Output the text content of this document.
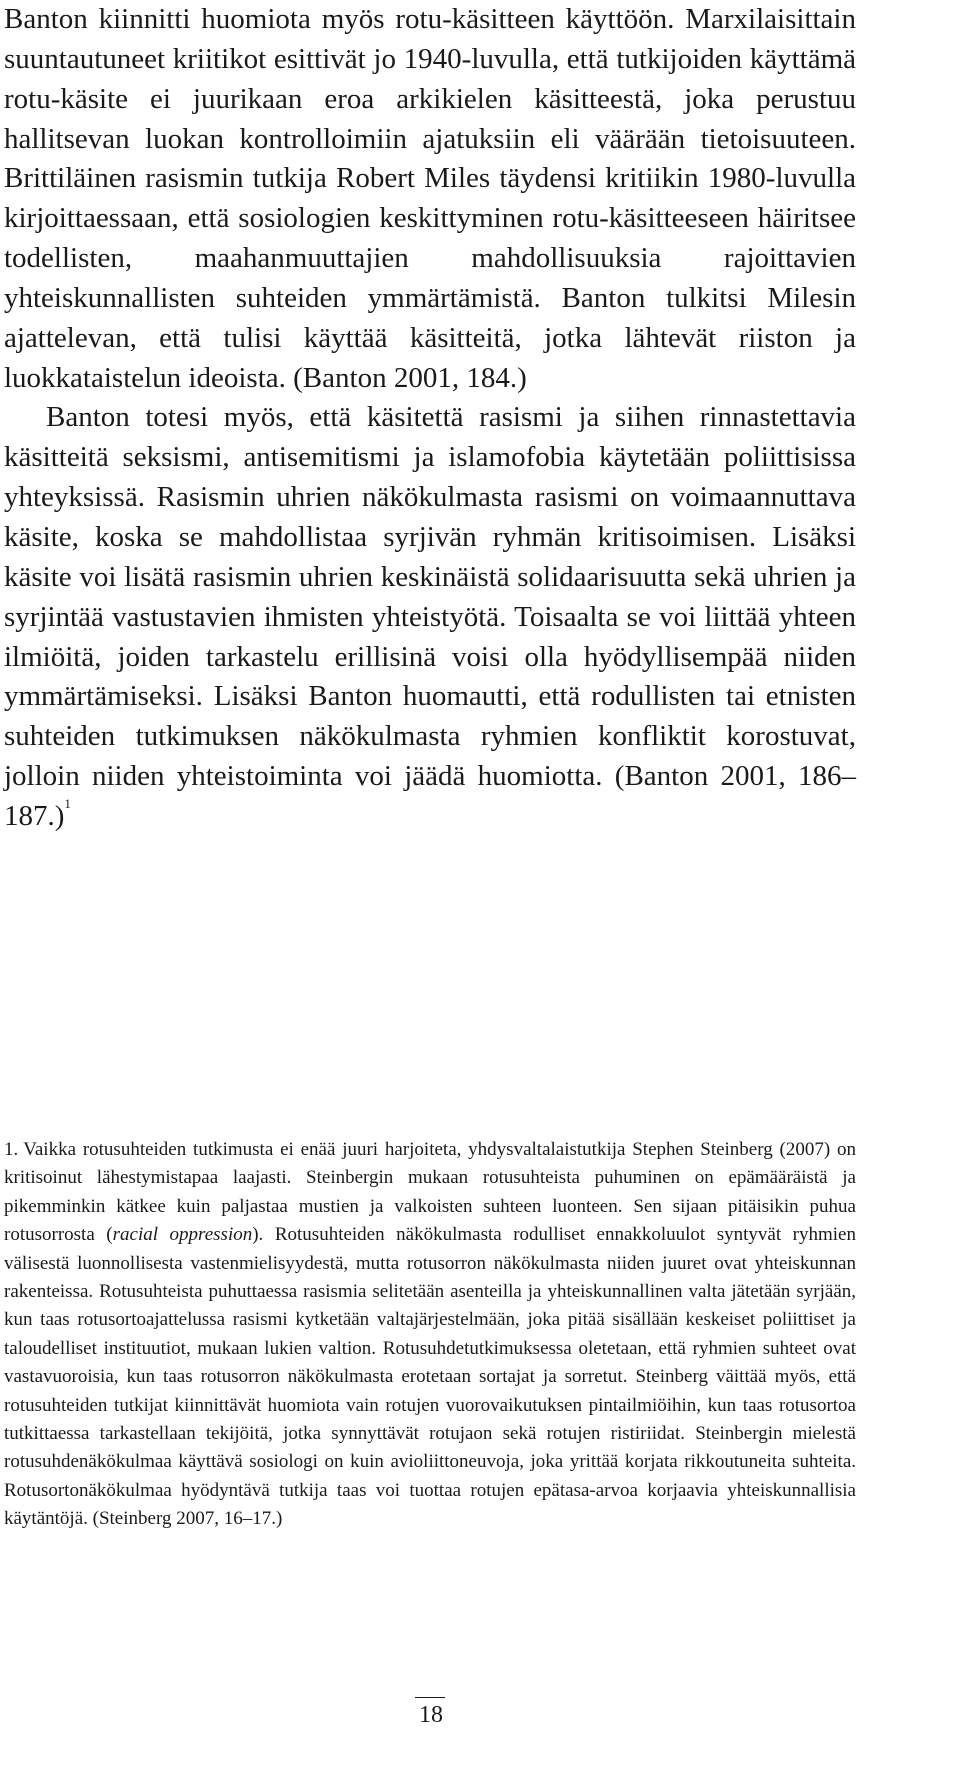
Banton kiinnitti huomiota myös rotu-käsitteen käyttöön. Marxilaisittain suuntautuneet kriitikot esittivät jo 1940-luvulla, että tutkijoiden käyttämä rotu-käsite ei juurikaan eroa arkikielen käsitteestä, joka perustuu hallitsevan luokan kontrolloimiin ajatuksiin eli väärään tietoisuuteen. Brittiläinen rasismin tutkija Robert Miles täydensi kritiikin 1980-luvulla kirjoittaessaan, että sosiologien keskittyminen rotu-käsitteeseen häiritsee todellisten, maahanmuuttajien mahdollisuuksia rajoittavien yhteiskunnallisten suhteiden ymmärtämistä. Banton tulkitsi Milesin ajattelevan, että tulisi käyttää käsitteitä, jotka lähtevät riiston ja luokkataistelun ideoista. (Banton 2001, 184.)

Banton totesi myös, että käsitettä rasismi ja siihen rinnastettavia käsitteitä seksismi, antisemitismi ja islamofobia käytetään poliittisissa yhteyksissä. Rasismin uhrien näkökulmasta rasismi on voimaannuttava käsite, koska se mahdollistaa syrjivän ryhmän kritisoimisen. Lisäksi käsite voi lisätä rasismin uhrien keskinäistä solidaarisuutta sekä uhrien ja syrjintää vastustavien ihmisten yhteistyötä. Toisaalta se voi liittää yhteen ilmiöitä, joiden tarkastelu erillisinä voisi olla hyödyllisempää niiden ymmärtämiseksi. Lisäksi Banton huomautti, että rodullisten tai etnisten suhteiden tutkimuksen näkökulmasta ryhmien konfliktit korostuvat, jolloin niiden yhteistoiminta voi jäädä huomiotta. (Banton 2001, 186–187.)$^1$

1. Vaikka rotusuhteiden tutkimusta ei enää juuri harjoiteta, yhdysvaltalaistutkija Stephen Steinberg (2007) on kritisoinut lähestymistapaa laajasti. Steinbergin mukaan rotusuhteista puhuminen on epämääräistä ja pikemminkin kätkee kuin paljastaa mustien ja valkoisten suhteen luonteen. Sen sijaan pitäisikin puhua rotusorrosta (racial oppression). Rotusuhteiden näkökulmasta rodulliset ennakkoluulot syntyvät ryhmien välisestä luonnollisesta vastenmielisyydestä, mutta rotusorron näkökulmasta niiden juuret ovat yhteiskunnan rakenteissa. Rotusuhteista puhuttaessa rasismia selitetään asenteilla ja yhteiskunnallinen valta jätetään syrjään, kun taas rotusortoajattelussa rasismi kytketään valtajärjestelmään, joka pitää sisällään keskeiset poliittiset ja taloudelliset instituutiot, mukaan lukien valtion. Rotusuhdetutkimuksessa oletetaan, että ryhmien suhteet ovat vastavuoroisia, kun taas rotusorron näkökulmasta erotetaan sortajat ja sorretut. Steinberg väittää myös, että rotusuhteiden tutkijat kiinnittävät huomiota vain rotujen vuorovaikutuksen pintailmiöihin, kun taas rotusortoa tutkittaessa tarkastellaan tekijöitä, jotka synnyttävät rotujaon sekä rotujen ristiriidat. Steinbergin mielestä rotusuhdenäkökulmaa käyttävä sosiologi on kuin avioliittoneuvoja, joka yrittää korjata rikkoutuneita suhteita. Rotusortonäkökulmaa hyödyntävä tutkija taas voi tuottaa rotujen epätasa-arvoa korjaavia yhteiskunnallisia käytäntöjä. (Steinberg 2007, 16–17.)

18
